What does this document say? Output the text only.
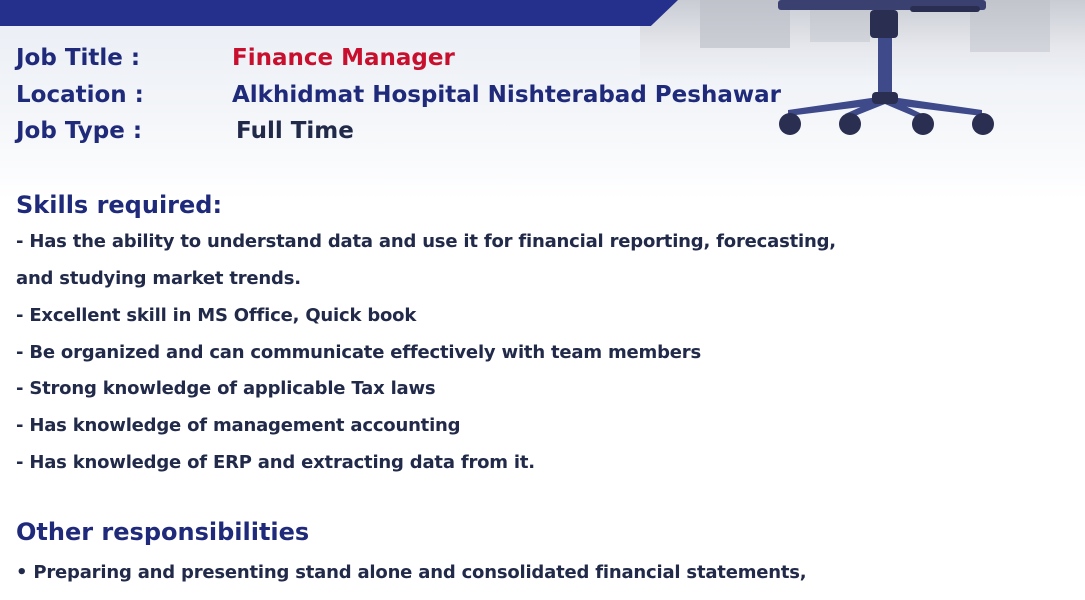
Job Title :	Finance Manager
Location :	Alkhidmat Hospital Nishterabad Peshawar
Job Type :	Full Time
Skills required:
- Has the ability to understand data and use it for financial reporting, forecasting,
and studying market trends.
- Excellent skill in MS Office, Quick book
- Be organized and can communicate effectively with team members
- Strong knowledge of applicable Tax laws
- Has knowledge of management accounting
- Has knowledge of ERP and extracting data from it.
Other responsibilities
• Preparing and presenting stand alone and consolidated financial statements,
